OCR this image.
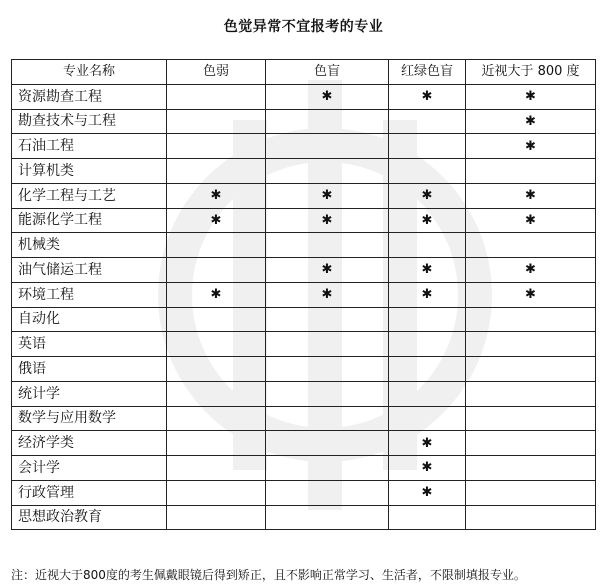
色觉异常不宜报考的专业
专业名称	色弱	色盲	红绿色盲	近视大于 800 度
资源勘查工程		✱	✱	✱
勘查技术与工程				✱
石油工程				✱
计算机类				
化学工程与工艺	✱	✱	✱	✱
能源化学工程	✱	✱	✱	✱
机械类				
油气储运工程		✱	✱	✱
环境工程	✱	✱	✱	✱
自动化				
英语				
俄语				
统计学				
数学与应用数学				
经济学类			✱	
会计学			✱	
行政管理			✱	
思想政治教育				
注：近视大于800度的考生佩戴眼镜后得到矫正，且不影响正常学习、生活者，不限制填报专业。
